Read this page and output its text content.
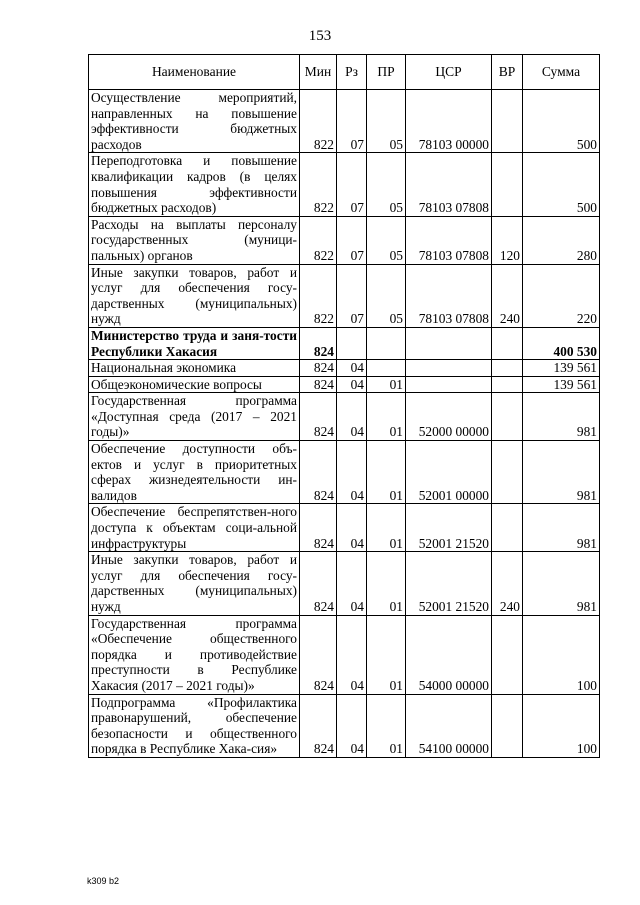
153
Наименование	Мин	Рз	ПР	ЦСР	ВР	Сумма
Осуществление мероприятий, направленных на повышение эффективности бюджетных расходов	822	07	05	78103 00000		500
Переподготовка и повышение квалификации кадров (в целях повышения эффективности бюджетных расходов)	822	07	05	78103 07808		500
Расходы на выплаты персоналу государственных (муници-пальных) органов	822	07	05	78103 07808	120	280
Иные закупки товаров, работ и услуг для обеспечения госу-дарственных (муниципальных) нужд	822	07	05	78103 07808	240	220
Министерство труда и заня-тости Республики Хакасия	824					400 530
Национальная экономика	824	04				139 561
Общеэкономические вопросы	824	04	01			139 561
Государственная программа «Доступная среда (2017 – 2021 годы)»	824	04	01	52000 00000		981
Обеспечение доступности объ-ектов и услуг в приоритетных сферах жизнедеятельности ин-валидов	824	04	01	52001 00000		981
Обеспечение беспрепятствен-ного доступа к объектам соци-альной инфраструктуры	824	04	01	52001 21520		981
Иные закупки товаров, работ и услуг для обеспечения госу-дарственных (муниципальных) нужд	824	04	01	52001 21520	240	981
Государственная программа «Обеспечение общественного порядка и противодействие преступности в Республике Хакасия (2017 – 2021 годы)»	824	04	01	54000 00000		100
Подпрограмма «Профилактика правонарушений, обеспечение безопасности и общественного порядка в Республике Хака-сия»	824	04	01	54100 00000		100
k309 b2
